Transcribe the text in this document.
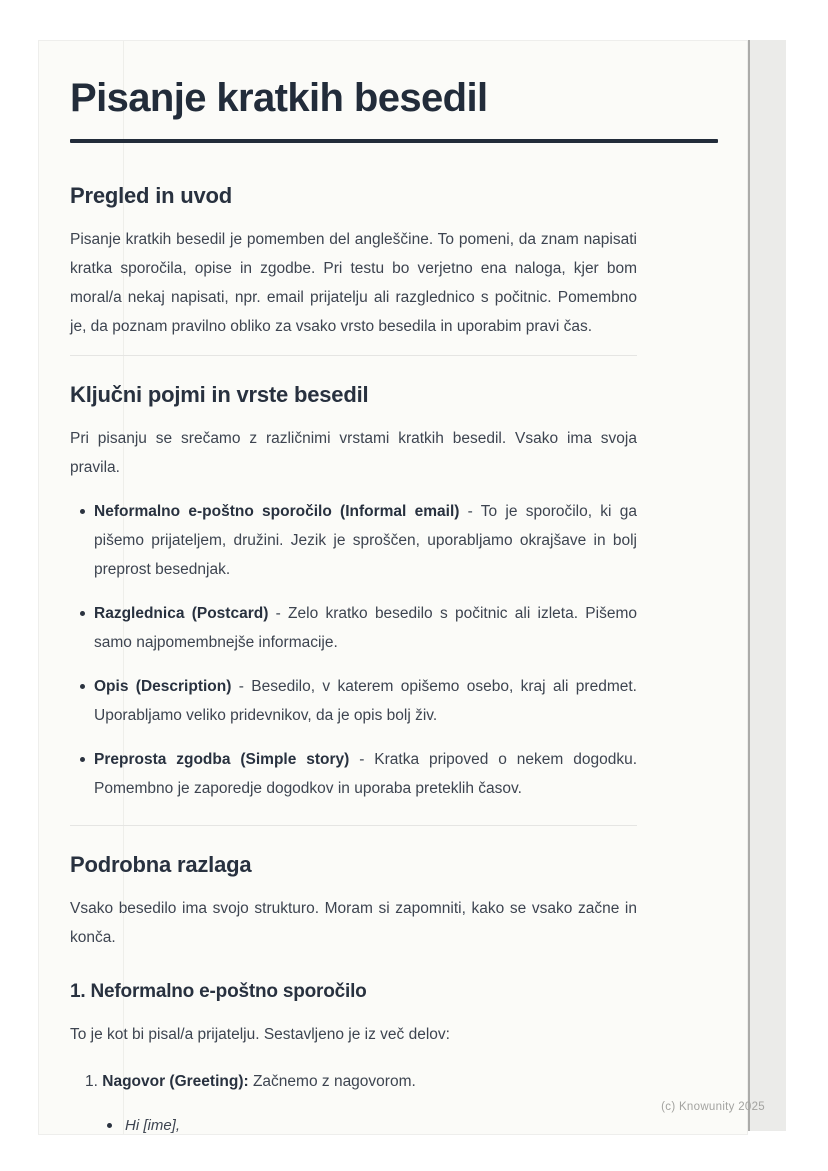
Pisanje kratkih besedil
Pregled in uvod

Pisanje kratkih besedil je pomemben del angleščine. To pomeni, da znam napisati kratka sporočila, opise in zgodbe. Pri testu bo verjetno ena naloga, kjer bom moral/a nekaj napisati, npr. email prijatelju ali razglednico s počitnic. Pomembno je, da poznam pravilno obliko za vsako vrsto besedila in uporabim pravi čas.

Ključni pojmi in vrste besedil

Pri pisanju se srečamo z različnimi vrstami kratkih besedil. Vsako ima svoja pravila.

Neformalno e-poštno sporočilo (Informal email) - To je sporočilo, ki ga pišemo prijateljem, družini. Jezik je sproščen, uporabljamo okrajšave in bolj preprost besednjak.
Razglednica (Postcard) - Zelo kratko besedilo s počitnic ali izleta. Pišemo samo najpomembnejše informacije.
Opis (Description) - Besedilo, v katerem opišemo osebo, kraj ali predmet. Uporabljamo veliko pridevnikov, da je opis bolj živ.
Preprosta zgodba (Simple story) - Kratka pripoved o nekem dogodku. Pomembno je zaporedje dogodkov in uporaba preteklih časov.
Podrobna razlaga

Vsako besedilo ima svojo strukturo. Moram si zapomniti, kako se vsako začne in konča.

1. Neformalno e-poštno sporočilo

To je kot bi pisal/a prijatelju. Sestavljeno je iz več delov:

1. Nagovor (Greeting): Začnemo z nagovorom.
Hi [ime],
(c) Knowunity 2025
